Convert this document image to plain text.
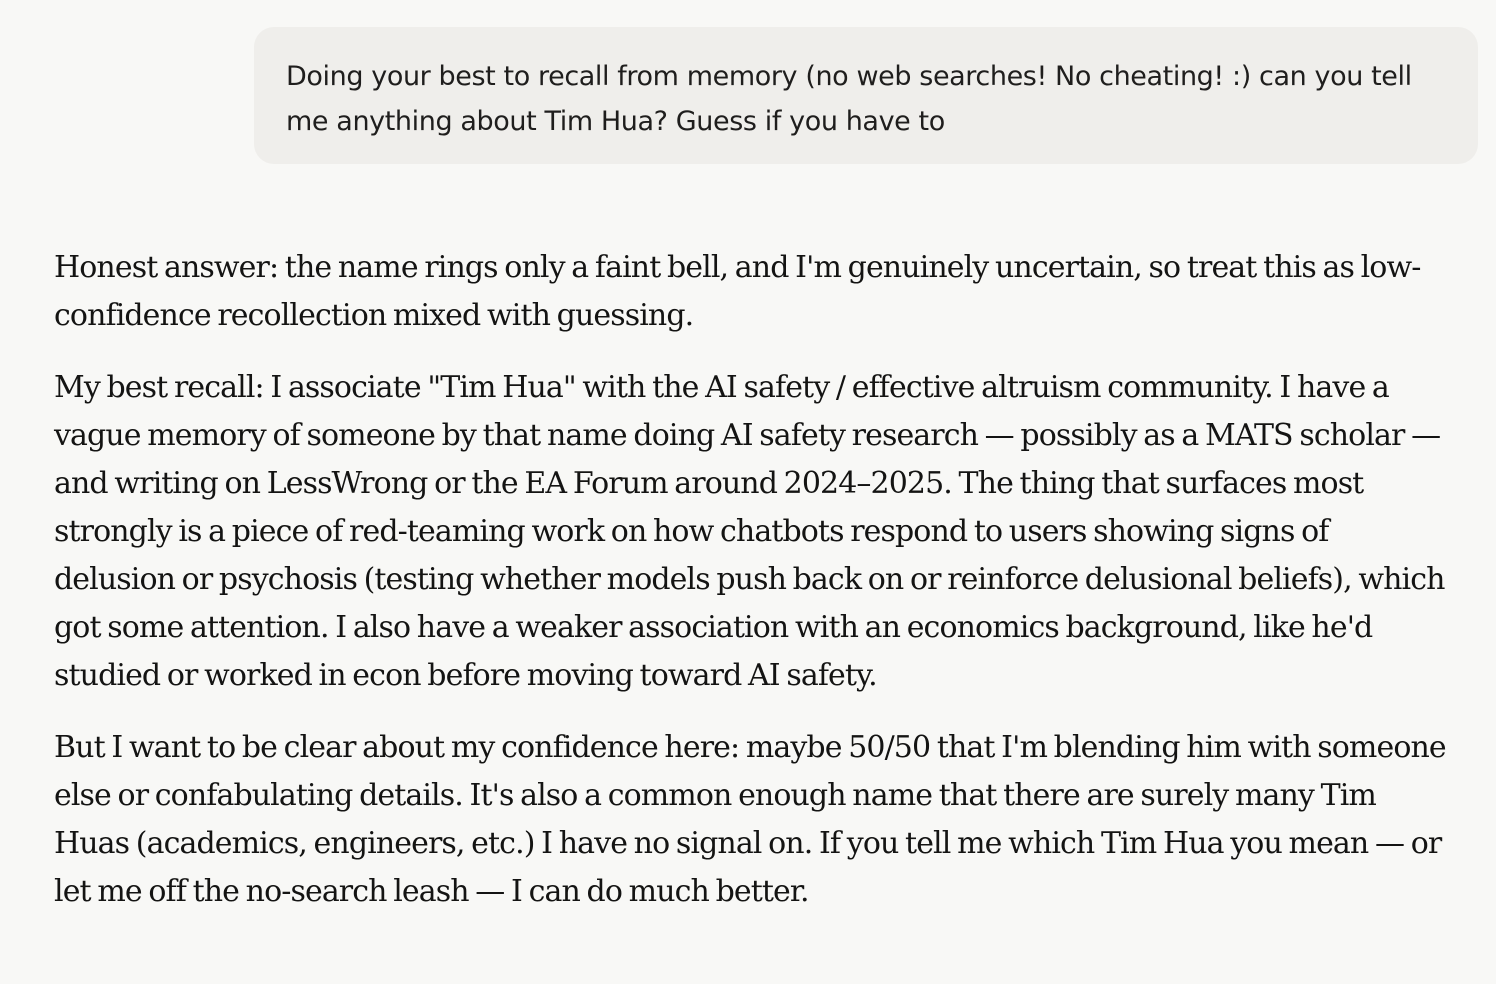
Doing your best to recall from memory (no web searches! No cheating! :) can you tell me anything about Tim Hua? Guess if you have to

Honest answer: the name rings only a faint bell, and I'm genuinely uncertain, so treat this as low-confidence recollection mixed with guessing.

My best recall: I associate "Tim Hua" with the AI safety / effective altruism community. I have a vague memory of someone by that name doing AI safety research — possibly as a MATS scholar — and writing on LessWrong or the EA Forum around 2024–2025. The thing that surfaces most strongly is a piece of red-teaming work on how chatbots respond to users showing signs of delusion or psychosis (testing whether models push back on or reinforce delusional beliefs), which got some attention. I also have a weaker association with an economics background, like he'd studied or worked in econ before moving toward AI safety.

But I want to be clear about my confidence here: maybe 50/50 that I'm blending him with someone else or confabulating details. It's also a common enough name that there are surely many Tim Huas (academics, engineers, etc.) I have no signal on. If you tell me which Tim Hua you mean — or let me off the no-search leash — I can do much better.
